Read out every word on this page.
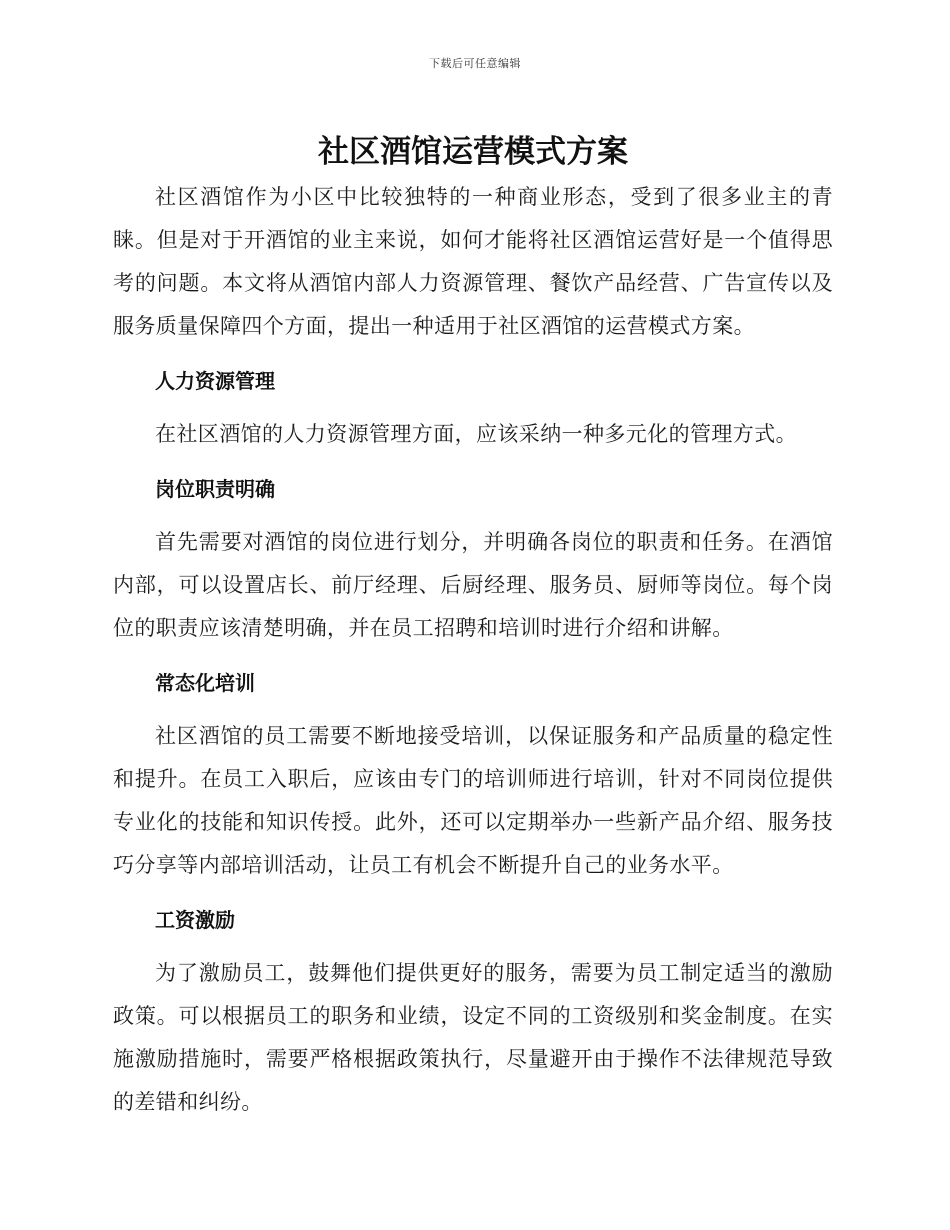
下载后可任意编辑
社区酒馆运营模式方案

社区酒馆作为小区中比较独特的一种商业形态，受到了很多业主的青睐。但是对于开酒馆的业主来说，如何才能将社区酒馆运营好是一个值得思考的问题。本文将从酒馆内部人力资源管理、餐饮产品经营、广告宣传以及服务质量保障四个方面，提出一种适用于社区酒馆的运营模式方案。

人力资源管理

在社区酒馆的人力资源管理方面，应该采纳一种多元化的管理方式。

岗位职责明确

首先需要对酒馆的岗位进行划分，并明确各岗位的职责和任务。在酒馆内部，可以设置店长、前厅经理、后厨经理、服务员、厨师等岗位。每个岗位的职责应该清楚明确，并在员工招聘和培训时进行介绍和讲解。

常态化培训

社区酒馆的员工需要不断地接受培训，以保证服务和产品质量的稳定性和提升。在员工入职后，应该由专门的培训师进行培训，针对不同岗位提供专业化的技能和知识传授。此外，还可以定期举办一些新产品介绍、服务技巧分享等内部培训活动，让员工有机会不断提升自己的业务水平。

工资激励

为了激励员工，鼓舞他们提供更好的服务，需要为员工制定适当的激励政策。可以根据员工的职务和业绩，设定不同的工资级别和奖金制度。在实施激励措施时，需要严格根据政策执行，尽量避开由于操作不法律规范导致的差错和纠纷。
